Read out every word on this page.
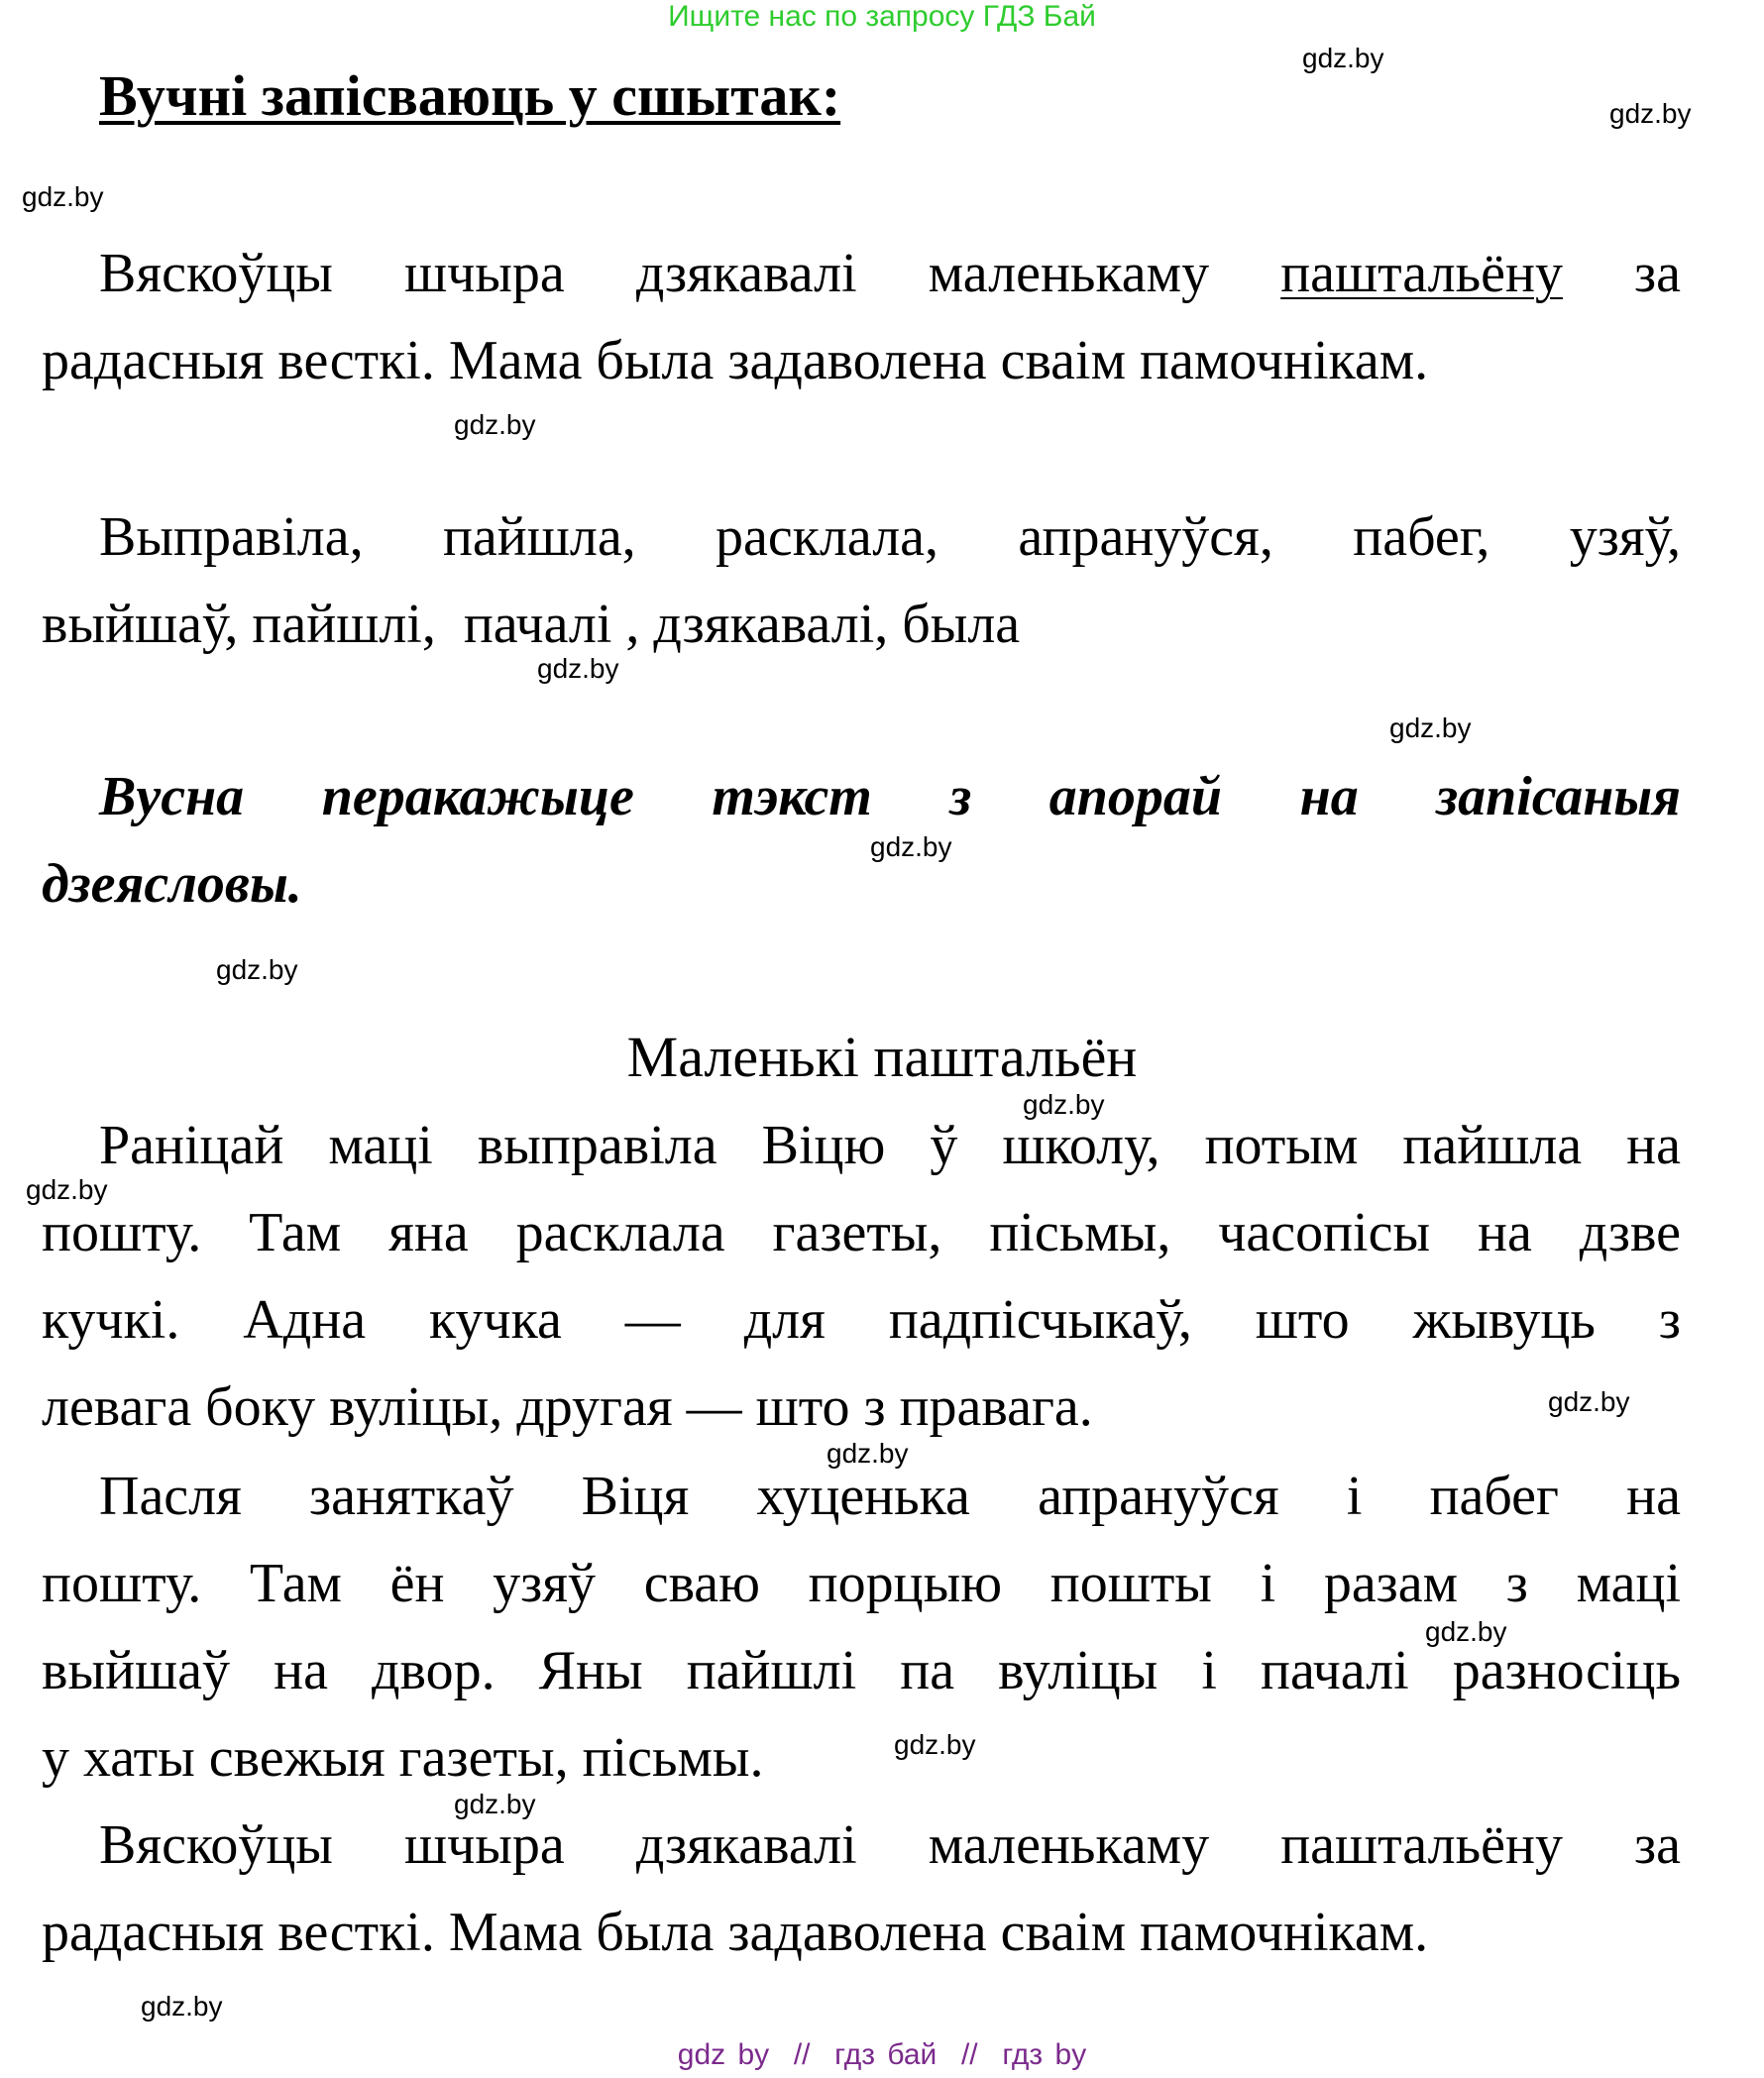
Ищите нас по запросу ГДЗ Бай
Вучні запісваюць у сшытак:
Вяскоўцы шчыра дзякавалі маленькаму паштальёну за
радасныя весткі. Мама была задаволена сваім памочнікам.
Выправіла, пайшла, расклала, апрануўся, пабег, узяў,
выйшаў, пайшлі,  пачалі , дзякавалі, была
Вусна перакажыце тэкст з апорай на запісаныя
дзеясловы.
Маленькі паштальён
Раніцай маці выправіла Віцю ў школу, потым пайшла на
пошту. Там яна расклала газеты, пісьмы, часопісы на дзве
кучкі. Адна кучка — для падпісчыкаў, што жывуць з
левага боку вуліцы, другая — што з правага.
Пасля заняткаў Віця хуценька апрануўся і пабег на
пошту. Там ён узяў сваю порцыю пошты і разам з маці
выйшаў на двор. Яны пайшлі па вуліцы і пачалі разносіць
у хаты свежыя газеты, пісьмы.
Вяскоўцы шчыра дзякавалі маленькаму паштальёну за
радасныя весткі. Мама была задаволена сваім памочнікам.
gdz.by
gdz.by
gdz.by
gdz.by
gdz.by
gdz.by
gdz.by
gdz.by
gdz.by
gdz.by
gdz.by
gdz.by
gdz.by
gdz.by
gdz.by
gdz.by
gdz by  //  гдз бай  //  гдз by
